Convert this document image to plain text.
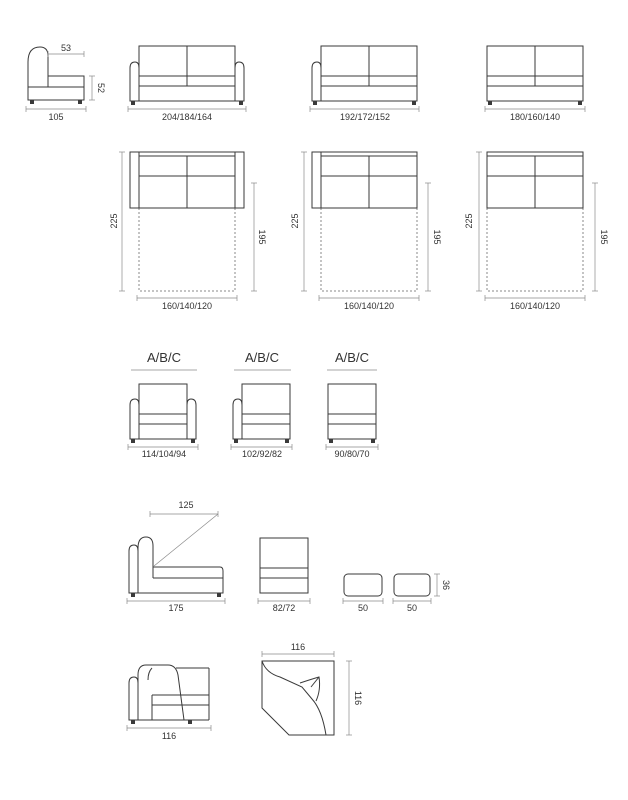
53
52
105	204/184/164	192/172/152	180/160/140
225
195
160/140/120
225
195
160/140/120
225
195
160/140/120
A/B/C
114/104/94
A/B/C
102/92/82
A/B/C
90/80/70
125
175	82/72
36
50	50
116
116
116
